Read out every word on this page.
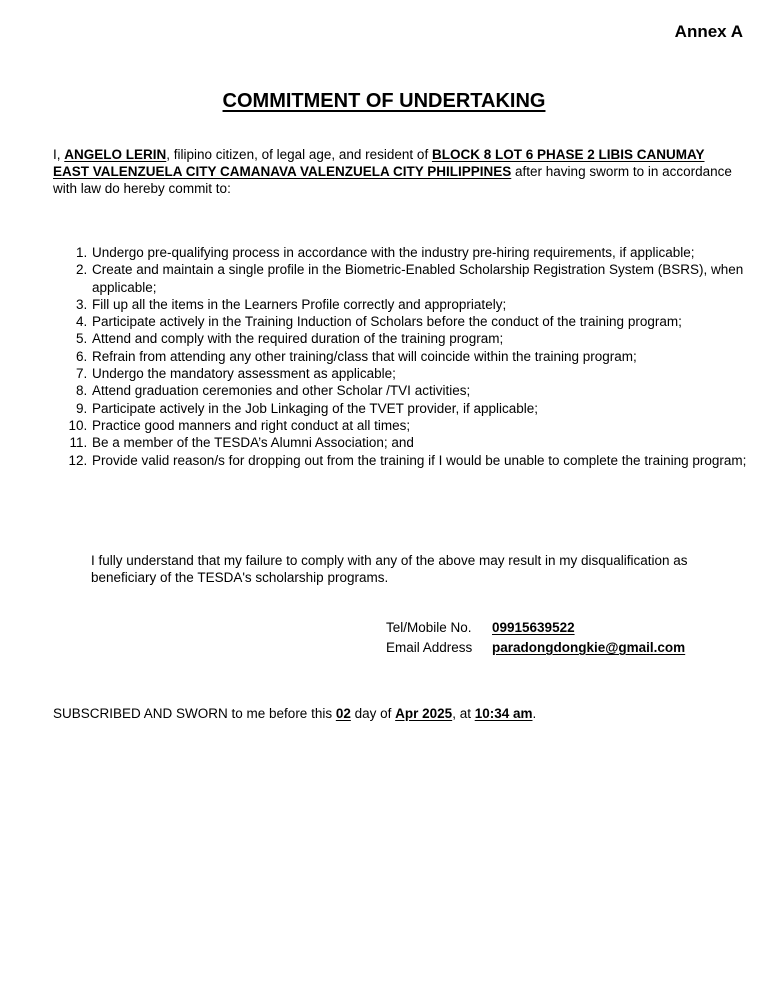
Annex A
COMMITMENT OF UNDERTAKING
I, ANGELO LERIN, filipino citizen, of legal age, and resident of BLOCK 8 LOT 6 PHASE 2 LIBIS CANUMAY EAST VALENZUELA CITY CAMANAVA VALENZUELA CITY PHILIPPINES after having sworm to in accordance with law do hereby commit to:
1. Undergo pre-qualifying process in accordance with the industry pre-hiring requirements, if applicable;
2. Create and maintain a single profile in the Biometric-Enabled Scholarship Registration System (BSRS), when applicable;
3. Fill up all the items in the Learners Profile correctly and appropriately;
4. Participate actively in the Training Induction of Scholars before the conduct of the training program;
5. Attend and comply with the required duration of the training program;
6. Refrain from attending any other training/class that will coincide within the training program;
7. Undergo the mandatory assessment as applicable;
8. Attend graduation ceremonies and other Scholar /TVI activities;
9. Participate actively in the Job Linkaging of the TVET provider, if applicable;
10. Practice good manners and right conduct at all times;
11. Be a member of the TESDA’s Alumni Association; and
12. Provide valid reason/s for dropping out from the training if I would be unable to complete the training program;
I fully understand that my failure to comply with any of the above may result in my disqualification as beneficiary of the TESDA's scholarship programs.
Tel/Mobile No. 09915639522
Email Address paradongdongkie@gmail.com
SUBSCRIBED AND SWORN to me before this 02 day of Apr 2025, at 10:34 am.
